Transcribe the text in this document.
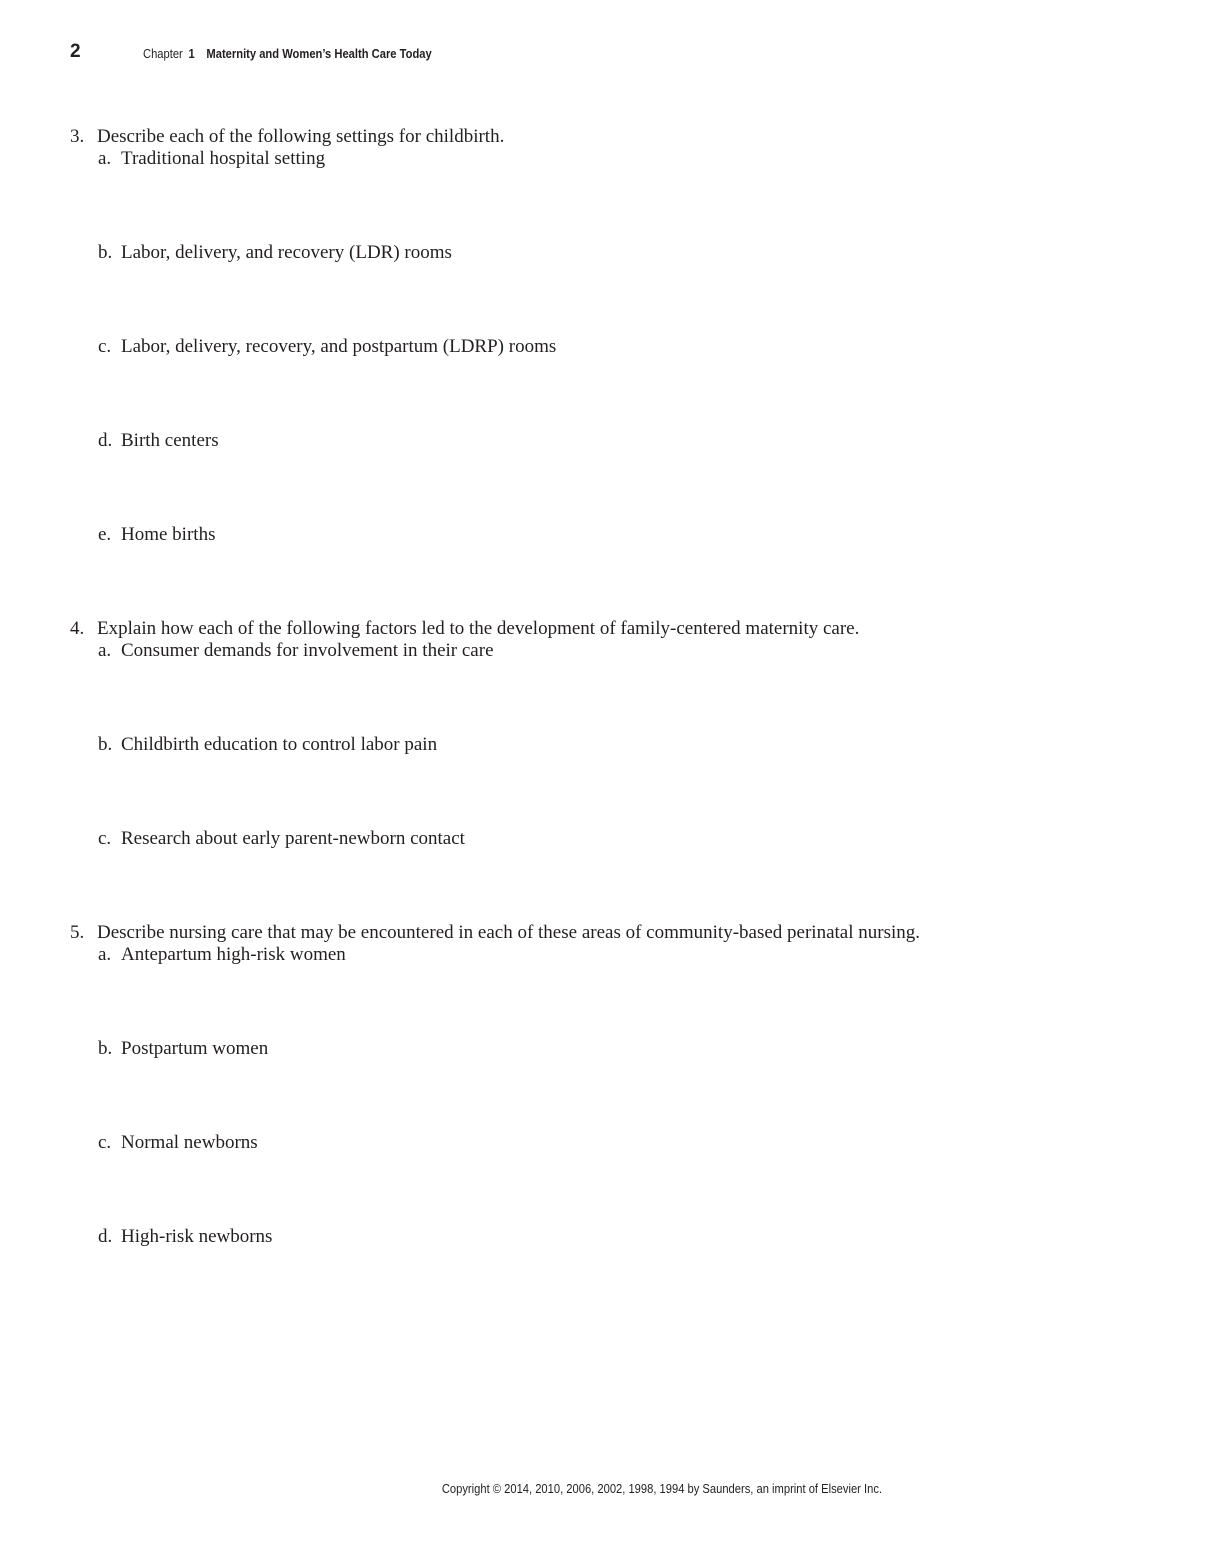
2	Chapter 1 Maternity and Women’s Health Care Today
3. Describe each of the following settings for childbirth.
a. Traditional hospital setting
b. Labor, delivery, and recovery (LDR) rooms
c. Labor, delivery, recovery, and postpartum (LDRP) rooms
d. Birth centers
e. Home births
4. Explain how each of the following factors led to the development of family-centered maternity care.
a. Consumer demands for involvement in their care
b. Childbirth education to control labor pain
c. Research about early parent-newborn contact
5. Describe nursing care that may be encountered in each of these areas of community-based perinatal nursing.
a. Antepartum high-risk women
b. Postpartum women
c. Normal newborns
d. High-risk newborns
Copyright © 2014, 2010, 2006, 2002, 1998, 1994 by Saunders, an imprint of Elsevier Inc.
